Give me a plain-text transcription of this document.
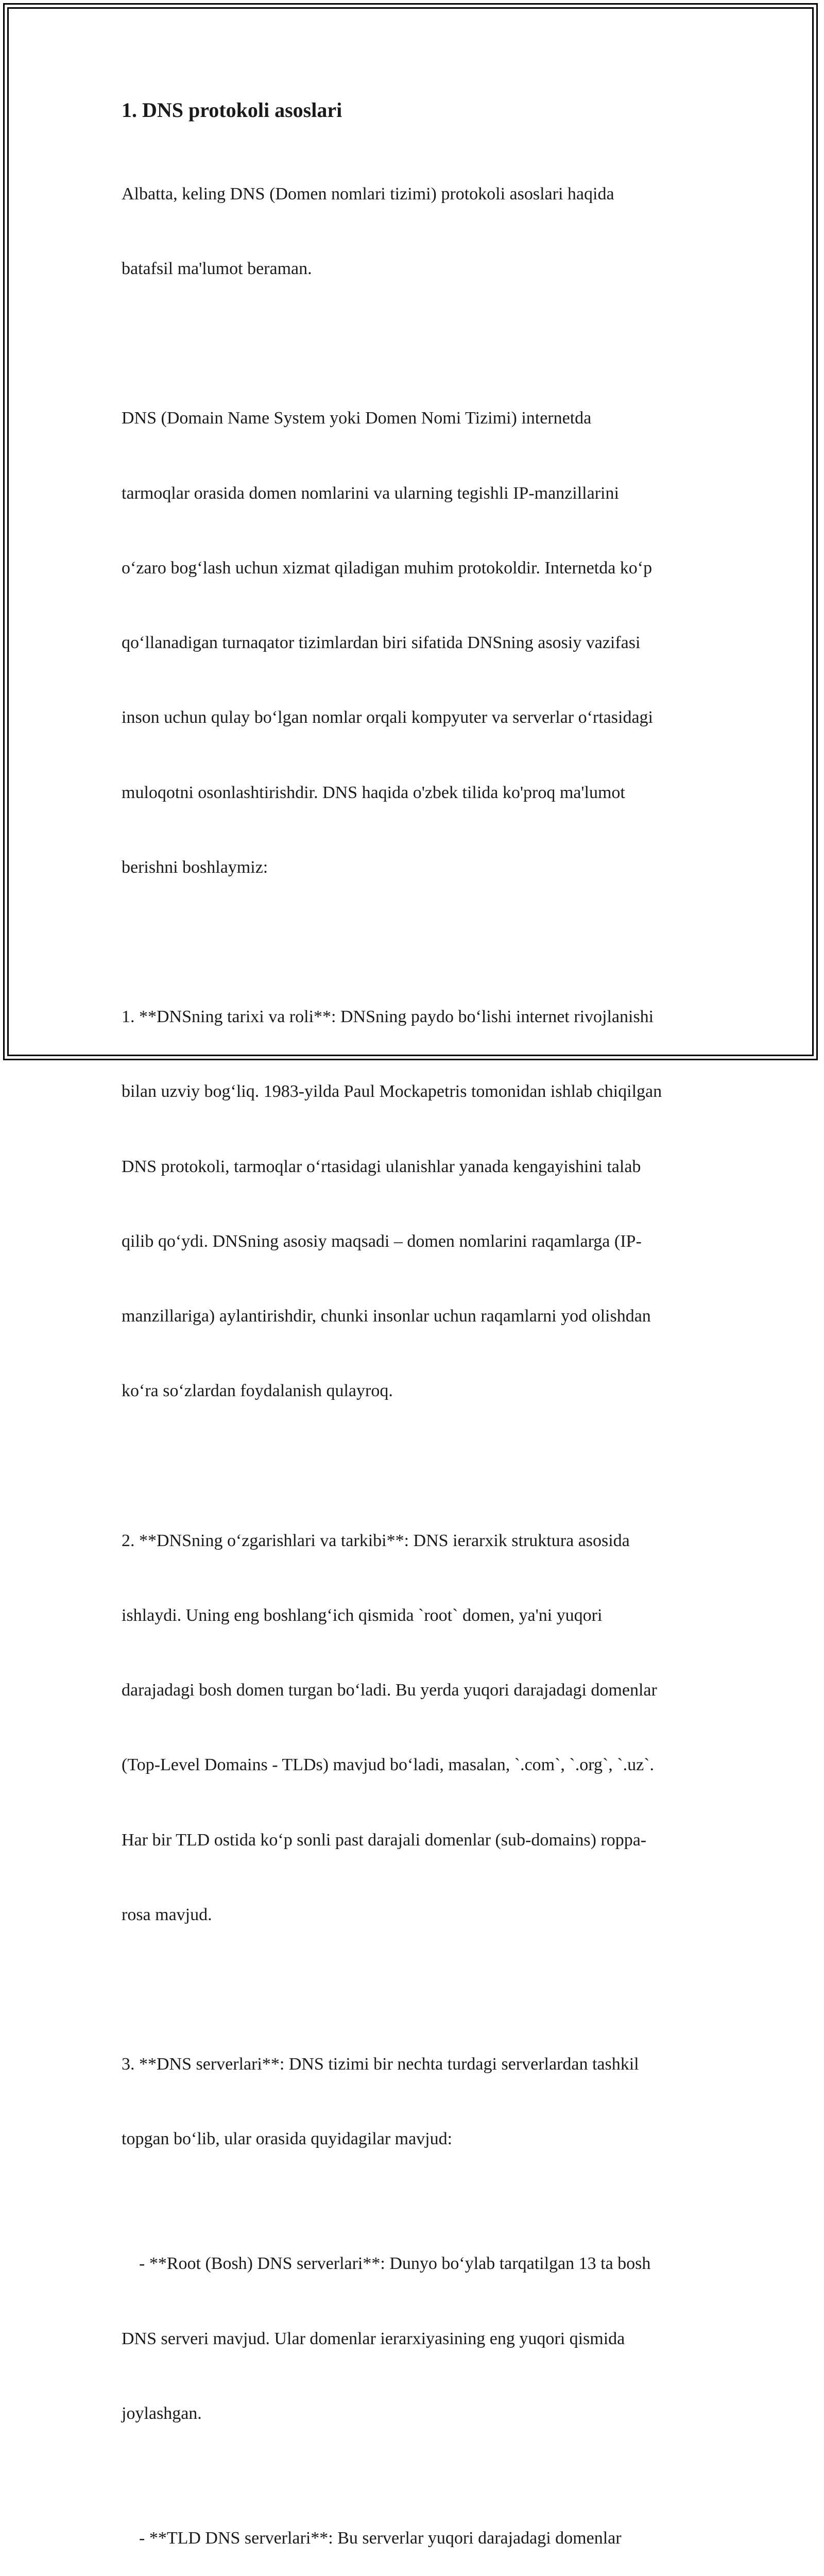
1. DNS protokoli asoslari

Albatta, keling DNS (Domen nomlari tizimi) protokoli asoslari haqida

batafsil ma'lumot beraman.

DNS (Domain Name System yoki Domen Nomi Tizimi) internetda

tarmoqlar orasida domen nomlarini va ularning tegishli IP-manzillarini

o‘zaro bog‘lash uchun xizmat qiladigan muhim protokoldir. Internetda ko‘p

qo‘llanadigan turnaqator tizimlardan biri sifatida DNSning asosiy vazifasi

inson uchun qulay bo‘lgan nomlar orqali kompyuter va serverlar o‘rtasidagi

muloqotni osonlashtirishdir. DNS haqida o'zbek tilida ko'proq ma'lumot

berishni boshlaymiz:

1. **DNSning tarixi va roli**: DNSning paydo bo‘lishi internet rivojlanishi

bilan uzviy bog‘liq. 1983-yilda Paul Mockapetris tomonidan ishlab chiqilgan

DNS protokoli, tarmoqlar o‘rtasidagi ulanishlar yanada kengayishini talab

qilib qo‘ydi. DNSning asosiy maqsadi – domen nomlarini raqamlarga (IP-

manzillariga) aylantirishdir, chunki insonlar uchun raqamlarni yod olishdan

ko‘ra so‘zlardan foydalanish qulayroq.

2. **DNSning o‘zgarishlari va tarkibi**: DNS ierarxik struktura asosida

ishlaydi. Uning eng boshlang‘ich qismida `root` domen, ya'ni yuqori

darajadagi bosh domen turgan bo‘ladi. Bu yerda yuqori darajadagi domenlar

(Top-Level Domains - TLDs) mavjud bo‘ladi, masalan, `.com`, `.org`, `.uz`.

Har bir TLD ostida ko‘p sonli past darajali domenlar (sub-domains) roppa-

rosa mavjud.

3. **DNS serverlari**: DNS tizimi bir nechta turdagi serverlardan tashkil

topgan bo‘lib, ular orasida quyidagilar mavjud:

- **Root (Bosh) DNS serverlari**: Dunyo bo‘ylab tarqatilgan 13 ta bosh

DNS serveri mavjud. Ular domenlar ierarxiyasining eng yuqori qismida

joylashgan.

- **TLD DNS serverlari**: Bu serverlar yuqori darajadagi domenlar
